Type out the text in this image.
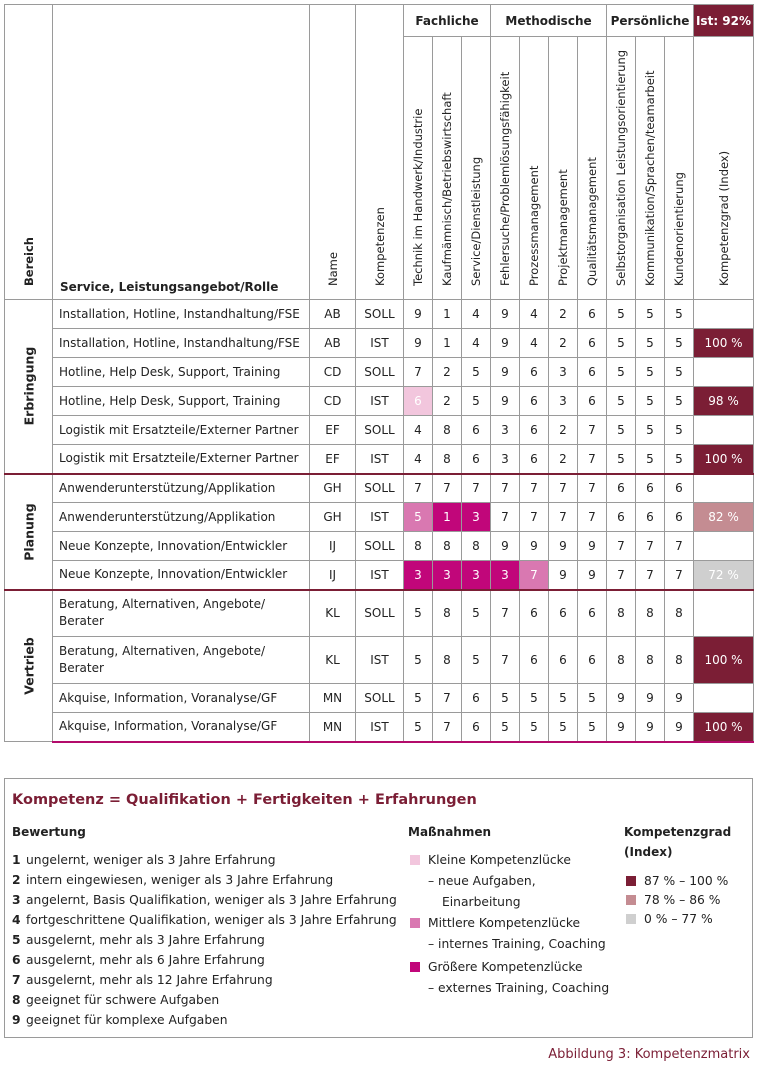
Bereich	Service, Leistungsangebot/Rolle	Name	Kompetenzen	Fachliche			Methodische				Persönliche			Ist: 92%

				Technik im Handwerk/Industrie	Kaufmämnisch/Betriebswirtschaft	Service/Dienstleistung	Fehlersuche/Problemlösungsfähigkeit	Prozessmanagement	Projektmanagement	Qualitätsmanagement	Selbstorganisation Leistungsorientierung	Kommunikation/Sprachen/teamarbeit	Kundenorientierung	Kompetenzgrad (Index)

Erbringung	Installation, Hotline, Instandhaltung/FSE	AB	SOLL	9	1	4	9	4	2	6	5	5	5	
	Installation, Hotline, Instandhaltung/FSE	AB	IST	9	1	4	9	4	2	6	5	5	5	100 %
	Hotline, Help Desk, Support, Training	CD	SOLL	7	2	5	9	6	3	6	5	5	5	
	Hotline, Help Desk, Support, Training	CD	IST	6	2	5	9	6	3	6	5	5	5	98 %
	Logistik mit Ersatzteile/Externer Partner	EF	SOLL	4	8	6	3	6	2	7	5	5	5	
	Logistik mit Ersatzteile/Externer Partner	EF	IST	4	8	6	3	6	2	7	5	5	5	100 %

Planung	Anwenderunterstützung/Applikation	GH	SOLL	7	7	7	7	7	7	7	6	6	6	
	Anwenderunterstützung/Applikation	GH	IST	5	1	3	7	7	7	7	6	6	6	82 %
	Neue Konzepte, Innovation/Entwickler	IJ	SOLL	8	8	8	9	9	9	9	7	7	7	
	Neue Konzepte, Innovation/Entwickler	IJ	IST	3	3	3	3	7	9	9	7	7	7	72 %

Vertrieb	Beratung, Alternativen, Angebote/ Berater	KL	SOLL	5	8	5	7	6	6	6	8	8	8	
	Beratung, Alternativen, Angebote/ Berater	KL	IST	5	8	5	7	6	6	6	8	8	8	100 %
	Akquise, Information, Voranalyse/GF	MN	SOLL	5	7	6	5	5	5	5	9	9	9	
	Akquise, Information, Voranalyse/GF	MN	IST	5	7	6	5	5	5	5	9	9	9	100 %
Kompetenz = Qualifikation + Fertigkeiten + Erfahrungen
Bewertung
1 ungelernt, weniger als 3 Jahre Erfahrung
2 intern eingewiesen, weniger als 3 Jahre Erfahrung
3 angelernt, Basis Qualifikation, weniger als 3 Jahre Erfahrung
4 fortgeschrittene Qualifikation, weniger als 3 Jahre Erfahrung
5 ausgelernt, mehr als 3 Jahre Erfahrung
6 ausgelernt, mehr als 6 Jahre Erfahrung
7 ausgelernt, mehr als 12 Jahre Erfahrung
8 geeignet für schwere Aufgaben
9 geeignet für komplexe Aufgaben
Maßnahmen
Kleine Kompetenzlücke
– neue Aufgaben,
Einarbeitung
Mittlere Kompetenzlücke
– internes Training, Coaching
Größere Kompetenzlücke
– externes Training, Coaching
Kompetenzgrad
(Index)
87 % – 100 %
78 % – 86 %
0 % – 77 %
Abbildung 3: Kompetenzmatrix
